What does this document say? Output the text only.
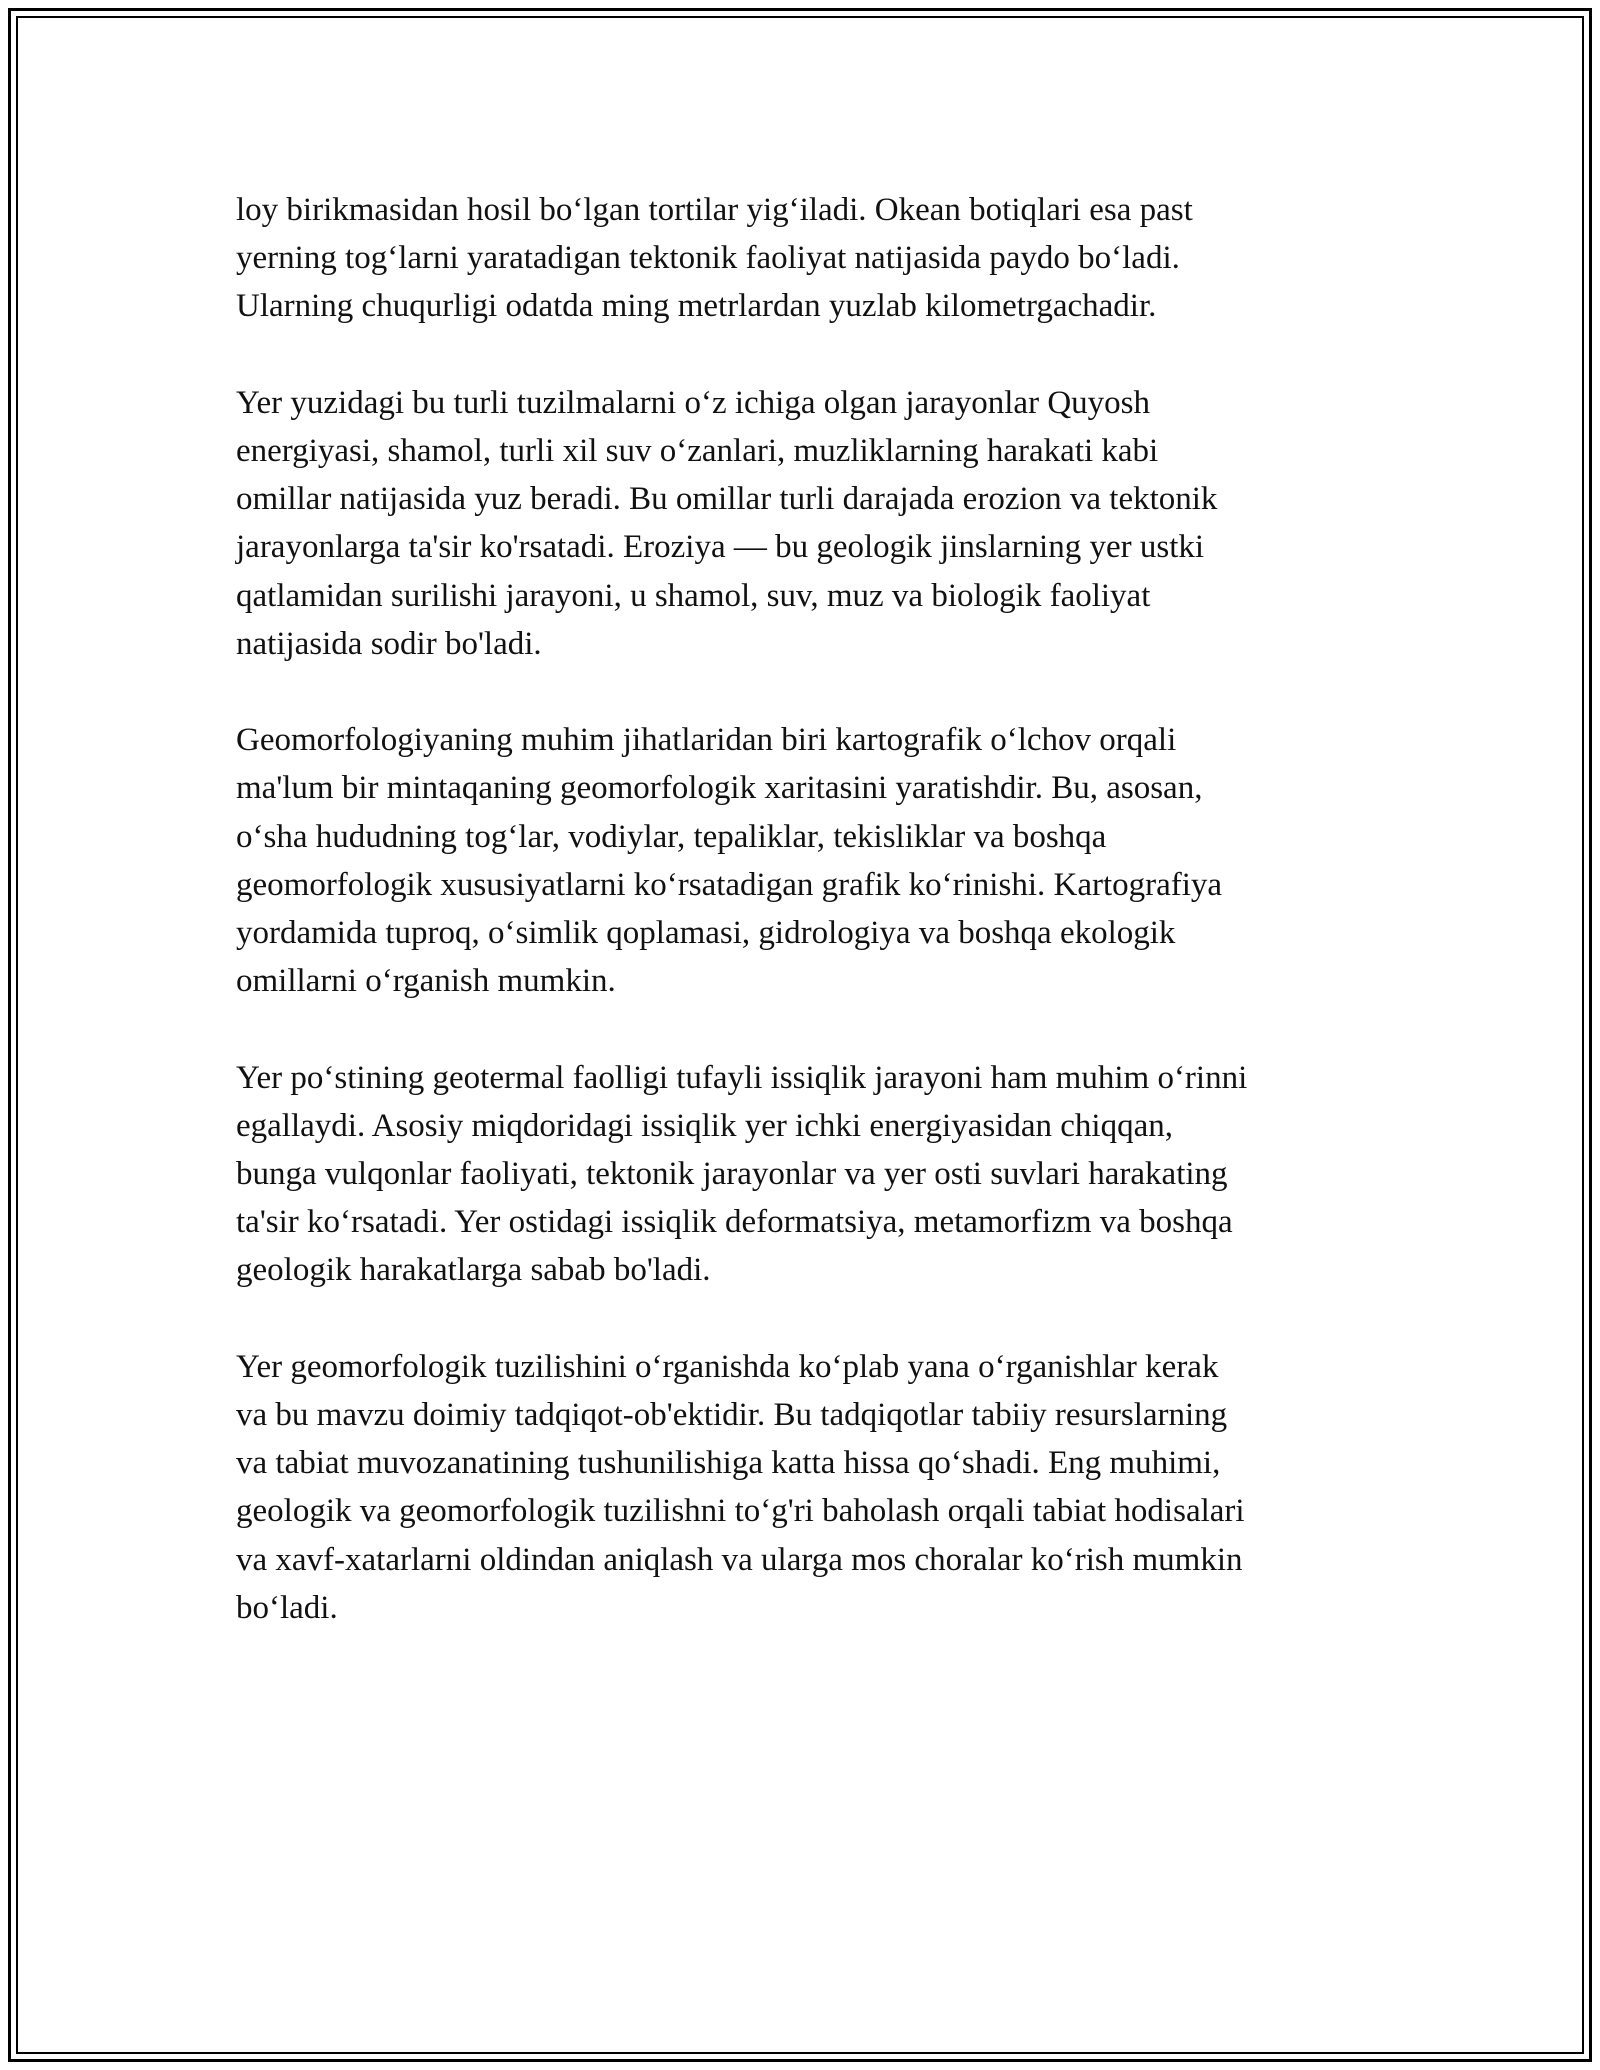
loy birikmasidan hosil bo‘lgan tortilar yig‘iladi. Okean botiqlari esa past
yerning tog‘larni yaratadigan tektonik faoliyat natijasida paydo bo‘ladi.
Ularning chuqurligi odatda ming metrlardan yuzlab kilometrgachadir.

Yer yuzidagi bu turli tuzilmalarni o‘z ichiga olgan jarayonlar Quyosh
energiyasi, shamol, turli xil suv o‘zanlari, muzliklarning harakati kabi
omillar natijasida yuz beradi. Bu omillar turli darajada erozion va tektonik
jarayonlarga ta'sir ko'rsatadi. Eroziya — bu geologik jinslarning yer ustki
qatlamidan surilishi jarayoni, u shamol, suv, muz va biologik faoliyat
natijasida sodir bo'ladi.

Geomorfologiyaning muhim jihatlaridan biri kartografik o‘lchov orqali
ma'lum bir mintaqaning geomorfologik xaritasini yaratishdir. Bu, asosan,
o‘sha hududning tog‘lar, vodiylar, tepaliklar, tekisliklar va boshqa
geomorfologik xususiyatlarni ko‘rsatadigan grafik ko‘rinishi. Kartografiya
yordamida tuproq, o‘simlik qoplamasi, gidrologiya va boshqa ekologik
omillarni o‘rganish mumkin.

Yer po‘stining geotermal faolligi tufayli issiqlik jarayoni ham muhim o‘rinni
egallaydi. Asosiy miqdoridagi issiqlik yer ichki energiyasidan chiqqan,
bunga vulqonlar faoliyati, tektonik jarayonlar va yer osti suvlari harakating
ta'sir ko‘rsatadi. Yer ostidagi issiqlik deformatsiya, metamorfizm va boshqa
geologik harakatlarga sabab bo'ladi.

Yer geomorfologik tuzilishini o‘rganishda ko‘plab yana o‘rganishlar kerak
va bu mavzu doimiy tadqiqot-ob'ektidir. Bu tadqiqotlar tabiiy resurslarning
va tabiat muvozanatining tushunilishiga katta hissa qo‘shadi. Eng muhimi,
geologik va geomorfologik tuzilishni to‘g'ri baholash orqali tabiat hodisalari
va xavf-xatarlarni oldindan aniqlash va ularga mos choralar ko‘rish mumkin
bo‘ladi.
